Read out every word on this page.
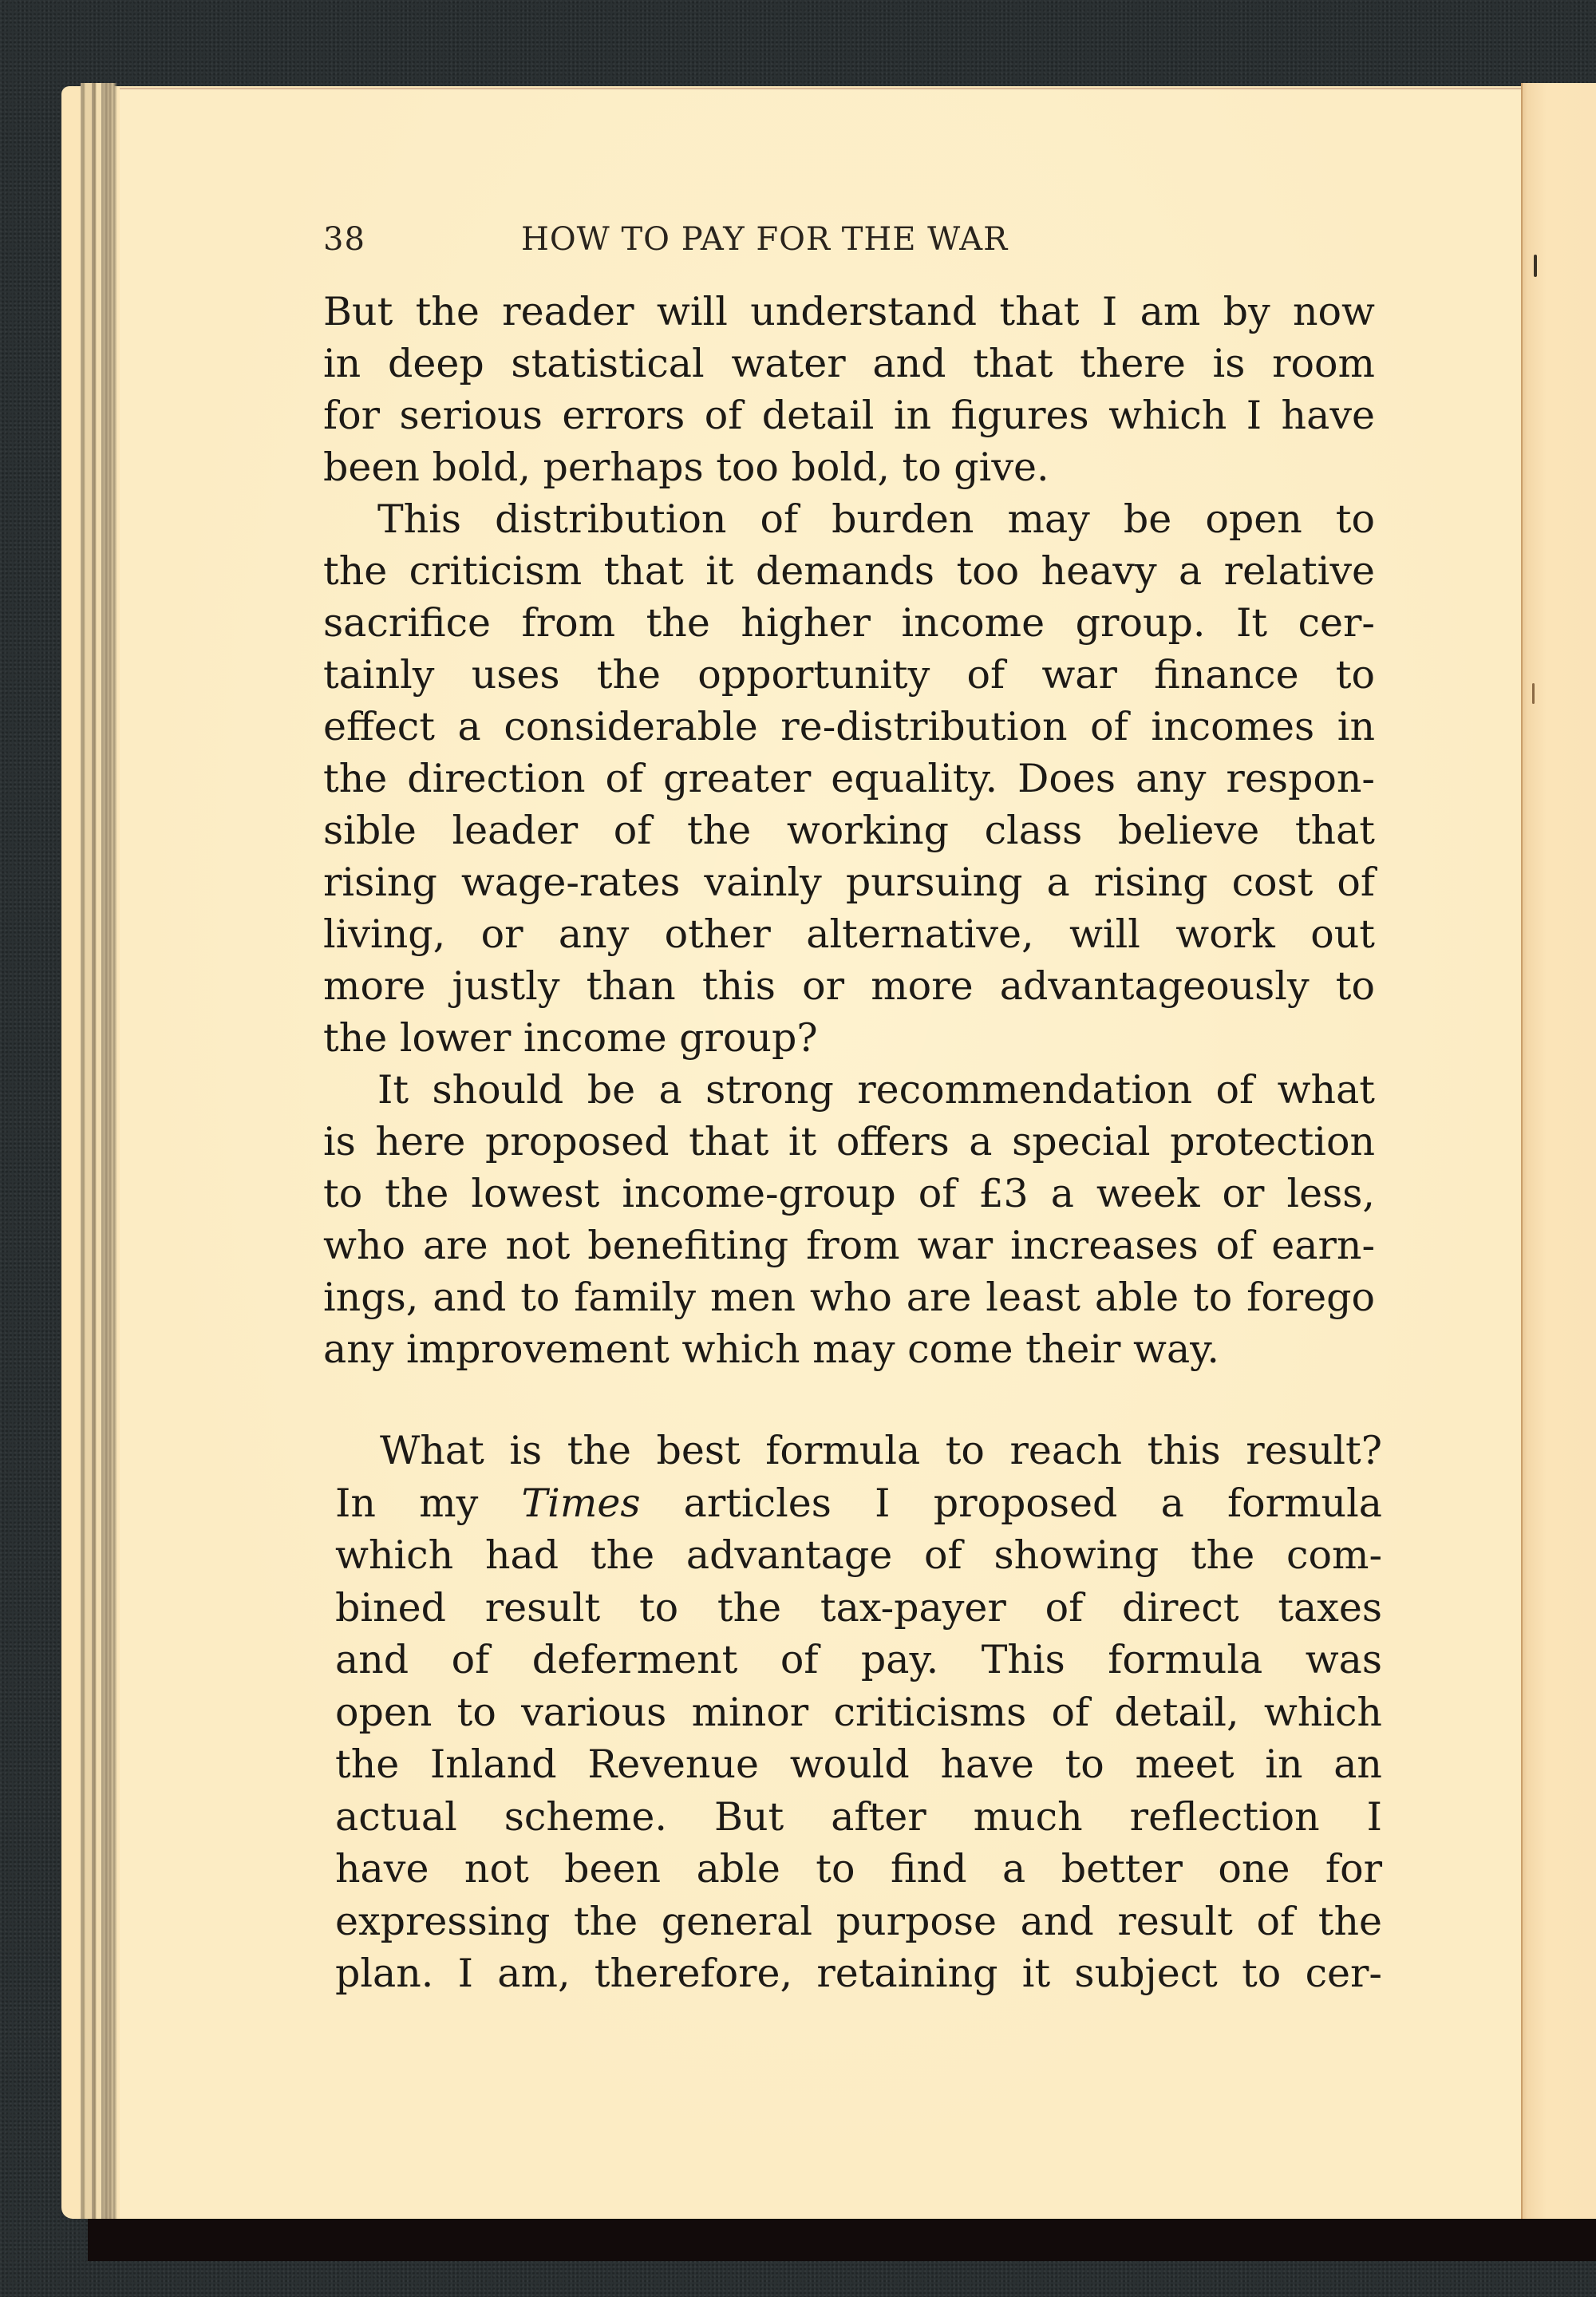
38	HOW TO PAY FOR THE WAR
But the reader will understand that I am by now
in deep statistical water and that there is room
for serious errors of detail in figures which I have
been bold, perhaps too bold, to give.
This distribution of burden may be open to
the criticism that it demands too heavy a relative
sacrifice from the higher income group. It cer-
tainly uses the opportunity of war finance to
effect a considerable re-distribution of incomes in
the direction of greater equality. Does any respon-
sible leader of the working class believe that
rising wage-rates vainly pursuing a rising cost of
living, or any other alternative, will work out
more justly than this or more advantageously to
the lower income group?
It should be a strong recommendation of what
is here proposed that it offers a special protection
to the lowest income-group of £3 a week or less,
who are not benefiting from war increases of earn-
ings, and to family men who are least able to forego
any improvement which may come their way.
What is the best formula to reach this result?
In my Times articles I proposed a formula
which had the advantage of showing the com-
bined result to the tax-payer of direct taxes
and of deferment of pay. This formula was
open to various minor criticisms of detail, which
the Inland Revenue would have to meet in an
actual scheme. But after much reflection I
have not been able to find a better one for
expressing the general purpose and result of the
plan. I am, therefore, retaining it subject to cer-
